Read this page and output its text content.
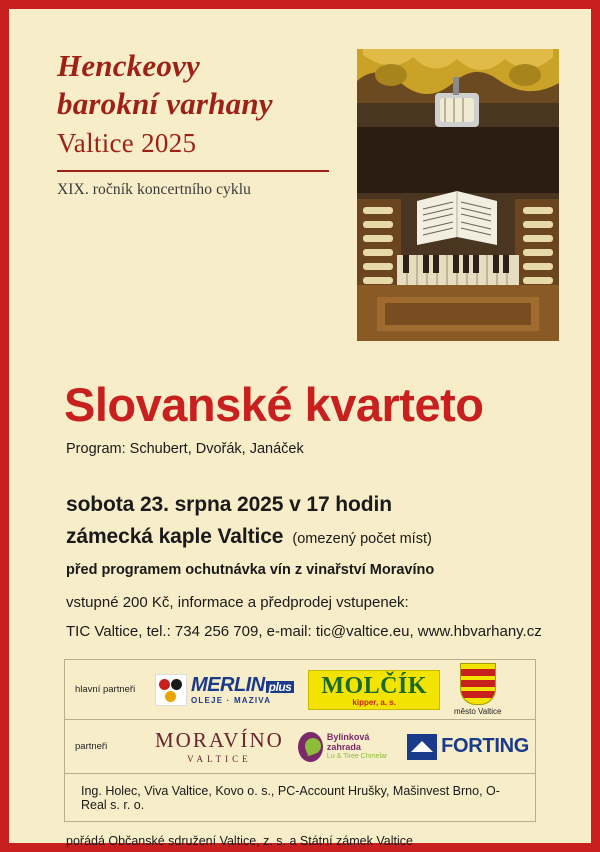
Henckeovy
barokní varhany
Valtice 2025
XIX. ročník koncertního cyklu
Slovanské kvarteto
Program: Schubert, Dvořák, Janáček
sobota 23. srpna 2025 v 17 hodin
zámecká kaple Valtice (omezený počet míst)
před programem ochutnávka vín z vinařství Moravíno
vstupné 200 Kč, informace a předprodej vstupenek:
TIC Valtice, tel.: 734 256 709, e-mail: tic@valtice.eu, www.hbvarhany.cz
hlavní partneři	MERLIN plus
OLEJE · MAZIVA
MOLČÍK
kipper, a. s.
město Valtice
partneři	MORAVÍNO
VALTICE
Bylinková zahrada
Lu & Tiree Chmelar	FORTING
Ing. Holec, Viva Valtice, Kovo o. s., PC-Account Hrušky, Mašinvest Brno, O-Real s. r. o.
pořádá Občanské sdružení Valtice, z. s. a Státní zámek Valtice
